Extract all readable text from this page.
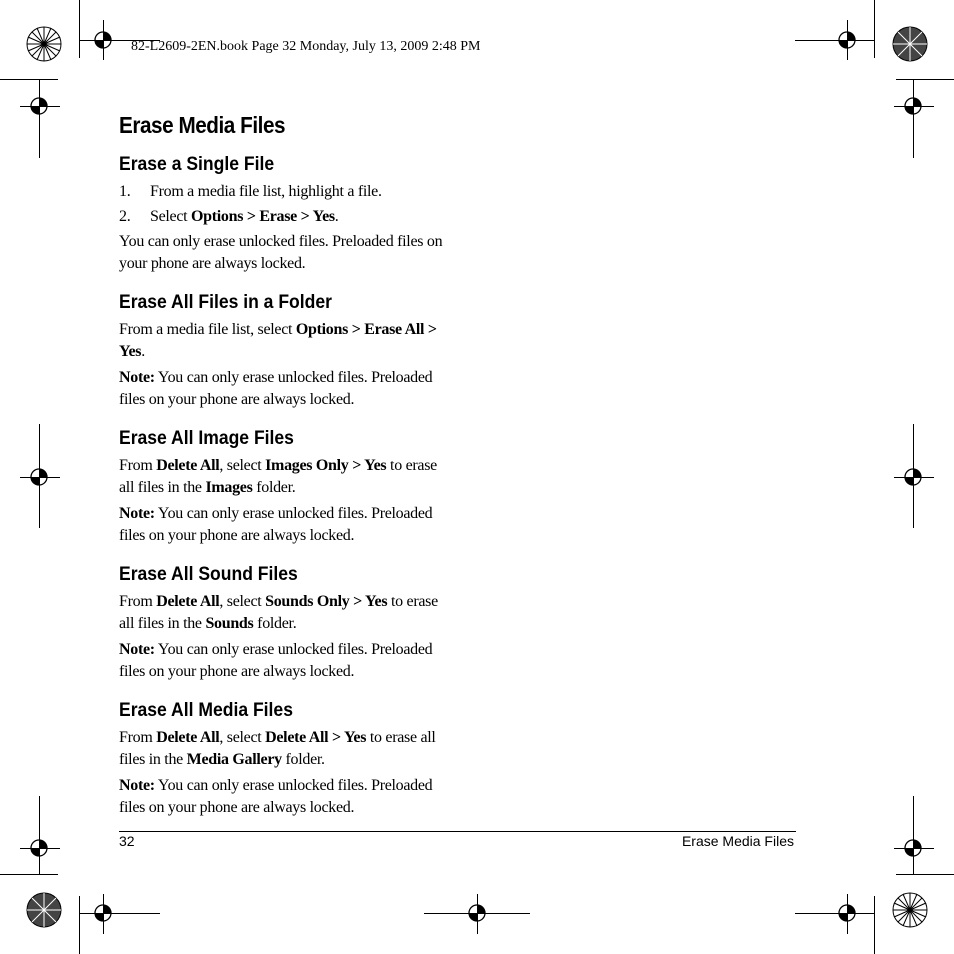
82-L2609-2EN.book Page 32 Monday, July 13, 2009 2:48 PM
Erase Media Files
Erase a Single File
1.	From a media file list, highlight a file.
2.	Select Options > Erase > Yes.

You can only erase unlocked files. Preloaded files on your phone are always locked.

Erase All Files in a Folder

From a media file list, select Options > Erase All > Yes.

Note: You can only erase unlocked files. Preloaded files on your phone are always locked.

Erase All Image Files

From Delete All, select Images Only > Yes to erase all files in the Images folder.

Note: You can only erase unlocked files. Preloaded files on your phone are always locked.

Erase All Sound Files

From Delete All, select Sounds Only > Yes to erase all files in the Sounds folder.

Note: You can only erase unlocked files. Preloaded files on your phone are always locked.

Erase All Media Files

From Delete All, select Delete All > Yes to erase all files in the Media Gallery folder.

Note: You can only erase unlocked files. Preloaded files on your phone are always locked.

32	Erase Media Files
